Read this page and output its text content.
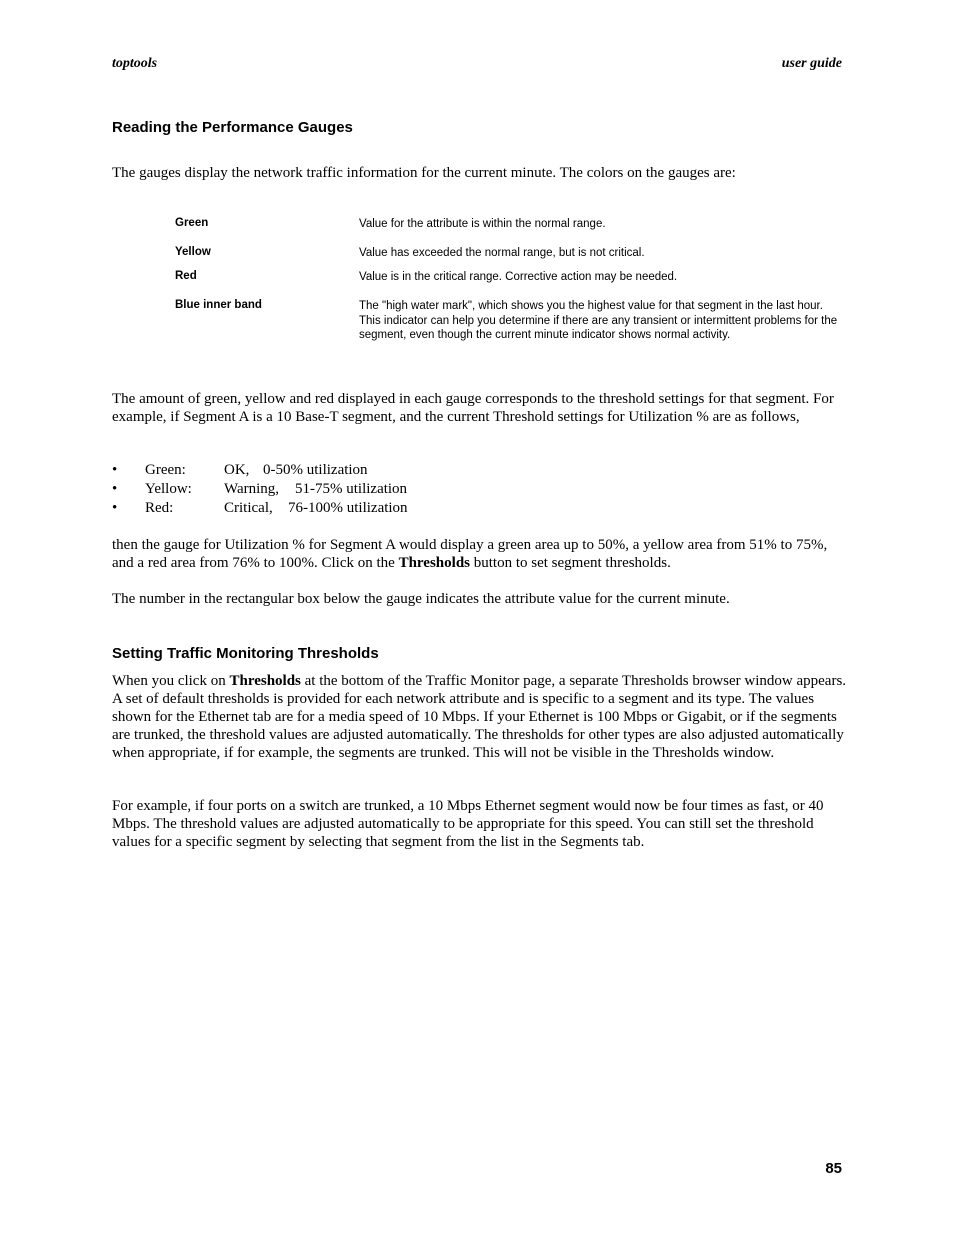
toptools	user guide
Reading the Performance Gauges
The gauges display the network traffic information for the current minute. The colors on the gauges are:
Green	Value for the attribute is within the normal range.
Yellow	Value has exceeded the normal range, but is not critical.
Red	Value is in the critical range. Corrective action may be needed.
Blue inner band	The "high water mark", which shows you the highest value for that segment in the last hour. This indicator can help you determine if there are any transient or intermittent problems for the segment, even though the current minute indicator shows normal activity.
The amount of green, yellow and red displayed in each gauge corresponds to the threshold settings for that segment. For example, if Segment A is a 10 Base-T segment, and the current Threshold settings for Utilization % are as follows,
• Green:	OK, 0-50% utilization
• Yellow: Warning, 51-75% utilization
• Red:	Critical, 76-100% utilization
then the gauge for Utilization % for Segment A would display a green area up to 50%, a yellow area from 51% to 75%, and a red area from 76% to 100%. Click on the Thresholds button to set segment thresholds.
The number in the rectangular box below the gauge indicates the attribute value for the current minute.
Setting Traffic Monitoring Thresholds
When you click on Thresholds at the bottom of the Traffic Monitor page, a separate Thresholds browser window appears. A set of default thresholds is provided for each network attribute and is specific to a segment and its type. The values shown for the Ethernet tab are for a media speed of 10 Mbps. If your Ethernet is 100 Mbps or Gigabit, or if the segments are trunked, the threshold values are adjusted automatically. The thresholds for other types are also adjusted automatically when appropriate, if for example, the segments are trunked. This will not be visible in the Thresholds window.
For example, if four ports on a switch are trunked, a 10 Mbps Ethernet segment would now be four times as fast, or 40 Mbps. The threshold values are adjusted automatically to be appropriate for this speed. You can still set the threshold values for a specific segment by selecting that segment from the list in the Segments tab.
85
